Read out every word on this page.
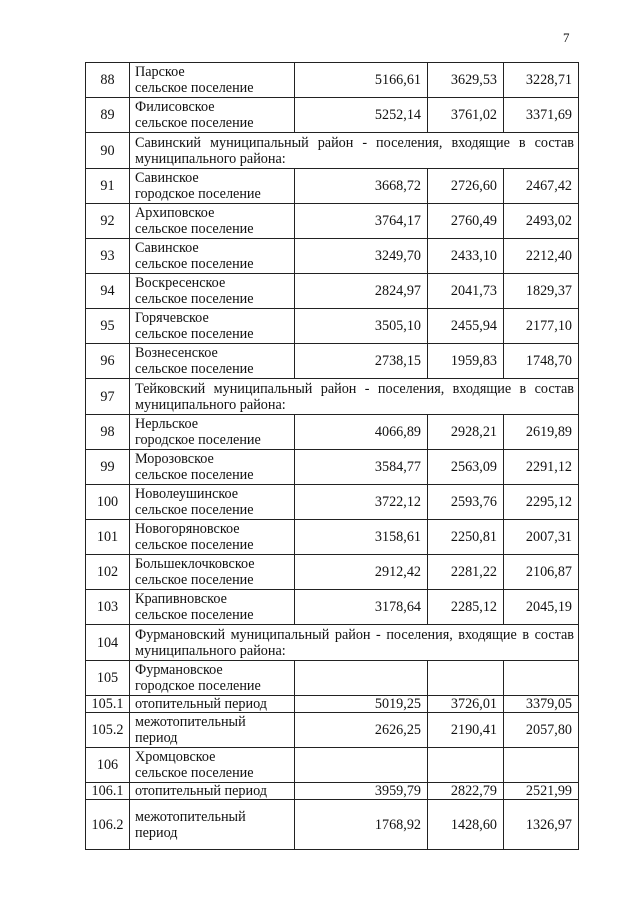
7
88	Парское
сельское поселение	5166,61	3629,53	3228,71
89	Филисовское
сельское поселение	5252,14	3761,02	3371,69
90	Савинский муниципальный район - поселения, входящие в состав муниципального района:			
91	Савинское
городское поселение	3668,72	2726,60	2467,42
92	Архиповское
сельское поселение	3764,17	2760,49	2493,02
93	Савинское
сельское поселение	3249,70	2433,10	2212,40
94	Воскресенское
сельское поселение	2824,97	2041,73	1829,37
95	Горячевское
сельское поселение	3505,10	2455,94	2177,10
96	Вознесенское
сельское поселение	2738,15	1959,83	1748,70
97	Тейковский муниципальный район - поселения, входящие в состав муниципального района:			
98	Нерльское
городское поселение	4066,89	2928,21	2619,89
99	Морозовское
сельское поселение	3584,77	2563,09	2291,12
100	Новолеушинское
сельское поселение	3722,12	2593,76	2295,12
101	Новогоряновское
сельское поселение	3158,61	2250,81	2007,31
102	Большеклочковское
сельское поселение	2912,42	2281,22	2106,87
103	Крапивновское
сельское поселение	3178,64	2285,12	2045,19
104	Фурмановский муниципальный район - поселения, входящие в состав муниципального района:			
105	Фурмановское
городское поселение			

105.1	отопительный период	5019,25	3726,01	3379,05
105.2	межотопительный
период	2626,25	2190,41	2057,80
106	Хромцовское
сельское поселение			

106.1	отопительный период	3959,79	2822,79	2521,99
106.2	межотопительный
период	1768,92	1428,60	1326,97
